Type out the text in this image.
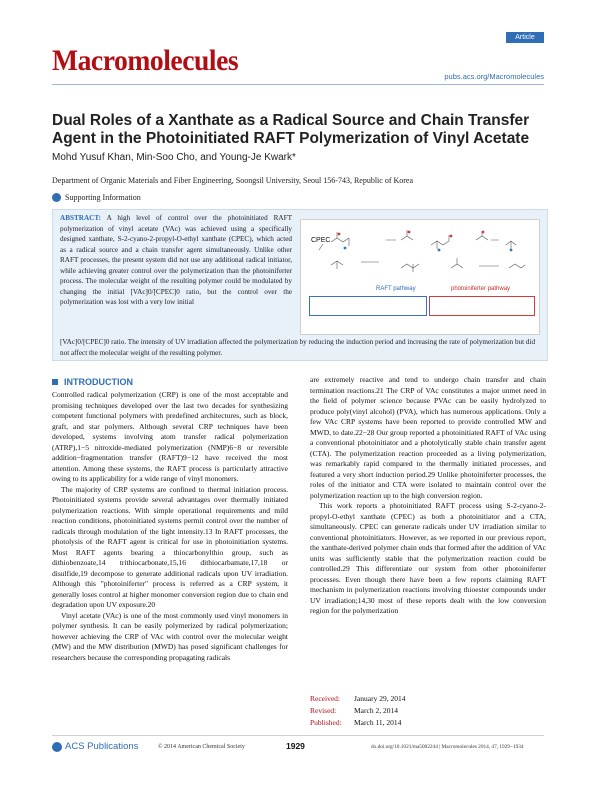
Article
Macromolecules	pubs.acs.org/Macromolecules
Dual Roles of a Xanthate as a Radical Source and Chain Transfer Agent in the Photoinitiated RAFT Polymerization of Vinyl Acetate
Mohd Yusuf Khan, Min-Soo Cho, and Young-Je Kwark*
Department of Organic Materials and Fiber Engineering, Soongsil University, Seoul 156-743, Republic of Korea
Supporting Information
ABSTRACT: A high level of control over the photoinitiated RAFT polymerization of vinyl acetate (VAc) was achieved using a specifically designed xanthate, S-2-cyano-2-propyl-O-ethyl xanthate (CPEC), which acted as a radical source and a chain transfer agent simultaneously. Unlike other RAFT processes, the present system did not use any additional radical initiator, while achieving greater control over the polymerization than the photoiniferter process. The molecular weight of the resulting polymer could be modulated by changing the initial [VAc]0/[CPEC]0 ratio, but the control over the polymerization was lost with a very low initial
CPEC
RAFT pathway	photoiniferter pathway
[VAc]0/[CPEC]0 ratio. The intensity of UV irradiation affected the polymerization by reducing the induction period and increasing the rate of polymerization but did not affect the molecular weight of the resulting polymer.
INTRODUCTION

Controlled radical polymerization (CRP) is one of the most acceptable and promising techniques developed over the last two decades for synthesizing competent functional polymers with predefined architectures, such as block, graft, and star polymers. Although several CRP techniques have been developed, systems involving atom transfer radical polymerization (ATRP),1−5 nitroxide-mediated polymerization (NMP)6−8 or reversible addition−fragmentation transfer (RAFT)9−12 have received the most attention. Among these systems, the RAFT process is particularly attractive owing to its applicability for a wide range of vinyl monomers.

The majority of CRP systems are confined to thermal initiation process. Photoinitiated systems provide several advantages over thermally initiated polymerization reactions. With simple operational requirements and mild reaction conditions, photoinitiated systems permit control over the number of radicals through modulation of the light intensity.13 In RAFT processes, the photolysis of the RAFT agent is critical for use in photoinitiation systems. Most RAFT agents bearing a thiocarbonylthio group, such as dithiobenzoate,14 trithiocarbonate,15,16 dithiocarbamate,17,18 or disulfide,19 decompose to generate additional radicals upon UV irradiation. Although this "photoiniferter" process is referred as a CRP system, it generally loses control at higher monomer conversion region due to chain end degradation upon UV exposure.20

Vinyl acetate (VAc) is one of the most commonly used vinyl monomers in polymer synthesis. It can be easily polymerized by radical polymerization; however achieving the CRP of VAc with control over the molecular weight (MW) and the MW distribution (MWD) has posed significant challenges for researchers because the corresponding propagating radicals

are extremely reactive and tend to undergo chain transfer and chain termination reactions.21 The CRP of VAc constitutes a major unmet need in the field of polymer science because PVAc can be easily hydrolyzed to produce poly(vinyl alcohol) (PVA), which has numerous applications. Only a few VAc CRP systems have been reported to provide controlled MW and MWD, to date.22−28 Our group reported a photoinitiated RAFT of VAc using a conventional photoinitiator and a photolytically stable chain transfer agent (CTA). The polymerization reaction proceeded as a living polymerization, was remarkably rapid compared to the thermally initiated processes, and featured a very short induction period.29 Unlike photoiniferter processes, the roles of the initiator and CTA were isolated to maintain control over the polymerization reaction up to the high conversion region.

This work reports a photoinitiated RAFT process using S-2-cyano-2-propyl-O-ethyl xanthate (CPEC) as both a photoinitiator and a CTA, simultaneously. CPEC can generate radicals under UV irradiation similar to conventional photoinitiators. However, as we reported in our previous report, the xanthate-derived polymer chain ends that formed after the addition of VAc units was sufficiently stable that the polymerization reaction could be controlled.29 This differentiate our system from other photoiniferter processes. Even though there have been a few reports claiming RAFT mechanism in polymerization reactions involving thioester compounds under UV irradiation;14,30 most of these reports dealt with the low conversion region for the polymerization

Received: January 29, 2014
Revised: March 2, 2014
Published: March 11, 2014
ACS Publications	© 2014 American Chemical Society	1929	dx.doi.org/10.1021/ma5002244 | Macromolecules 2014, 47, 1929−1934
